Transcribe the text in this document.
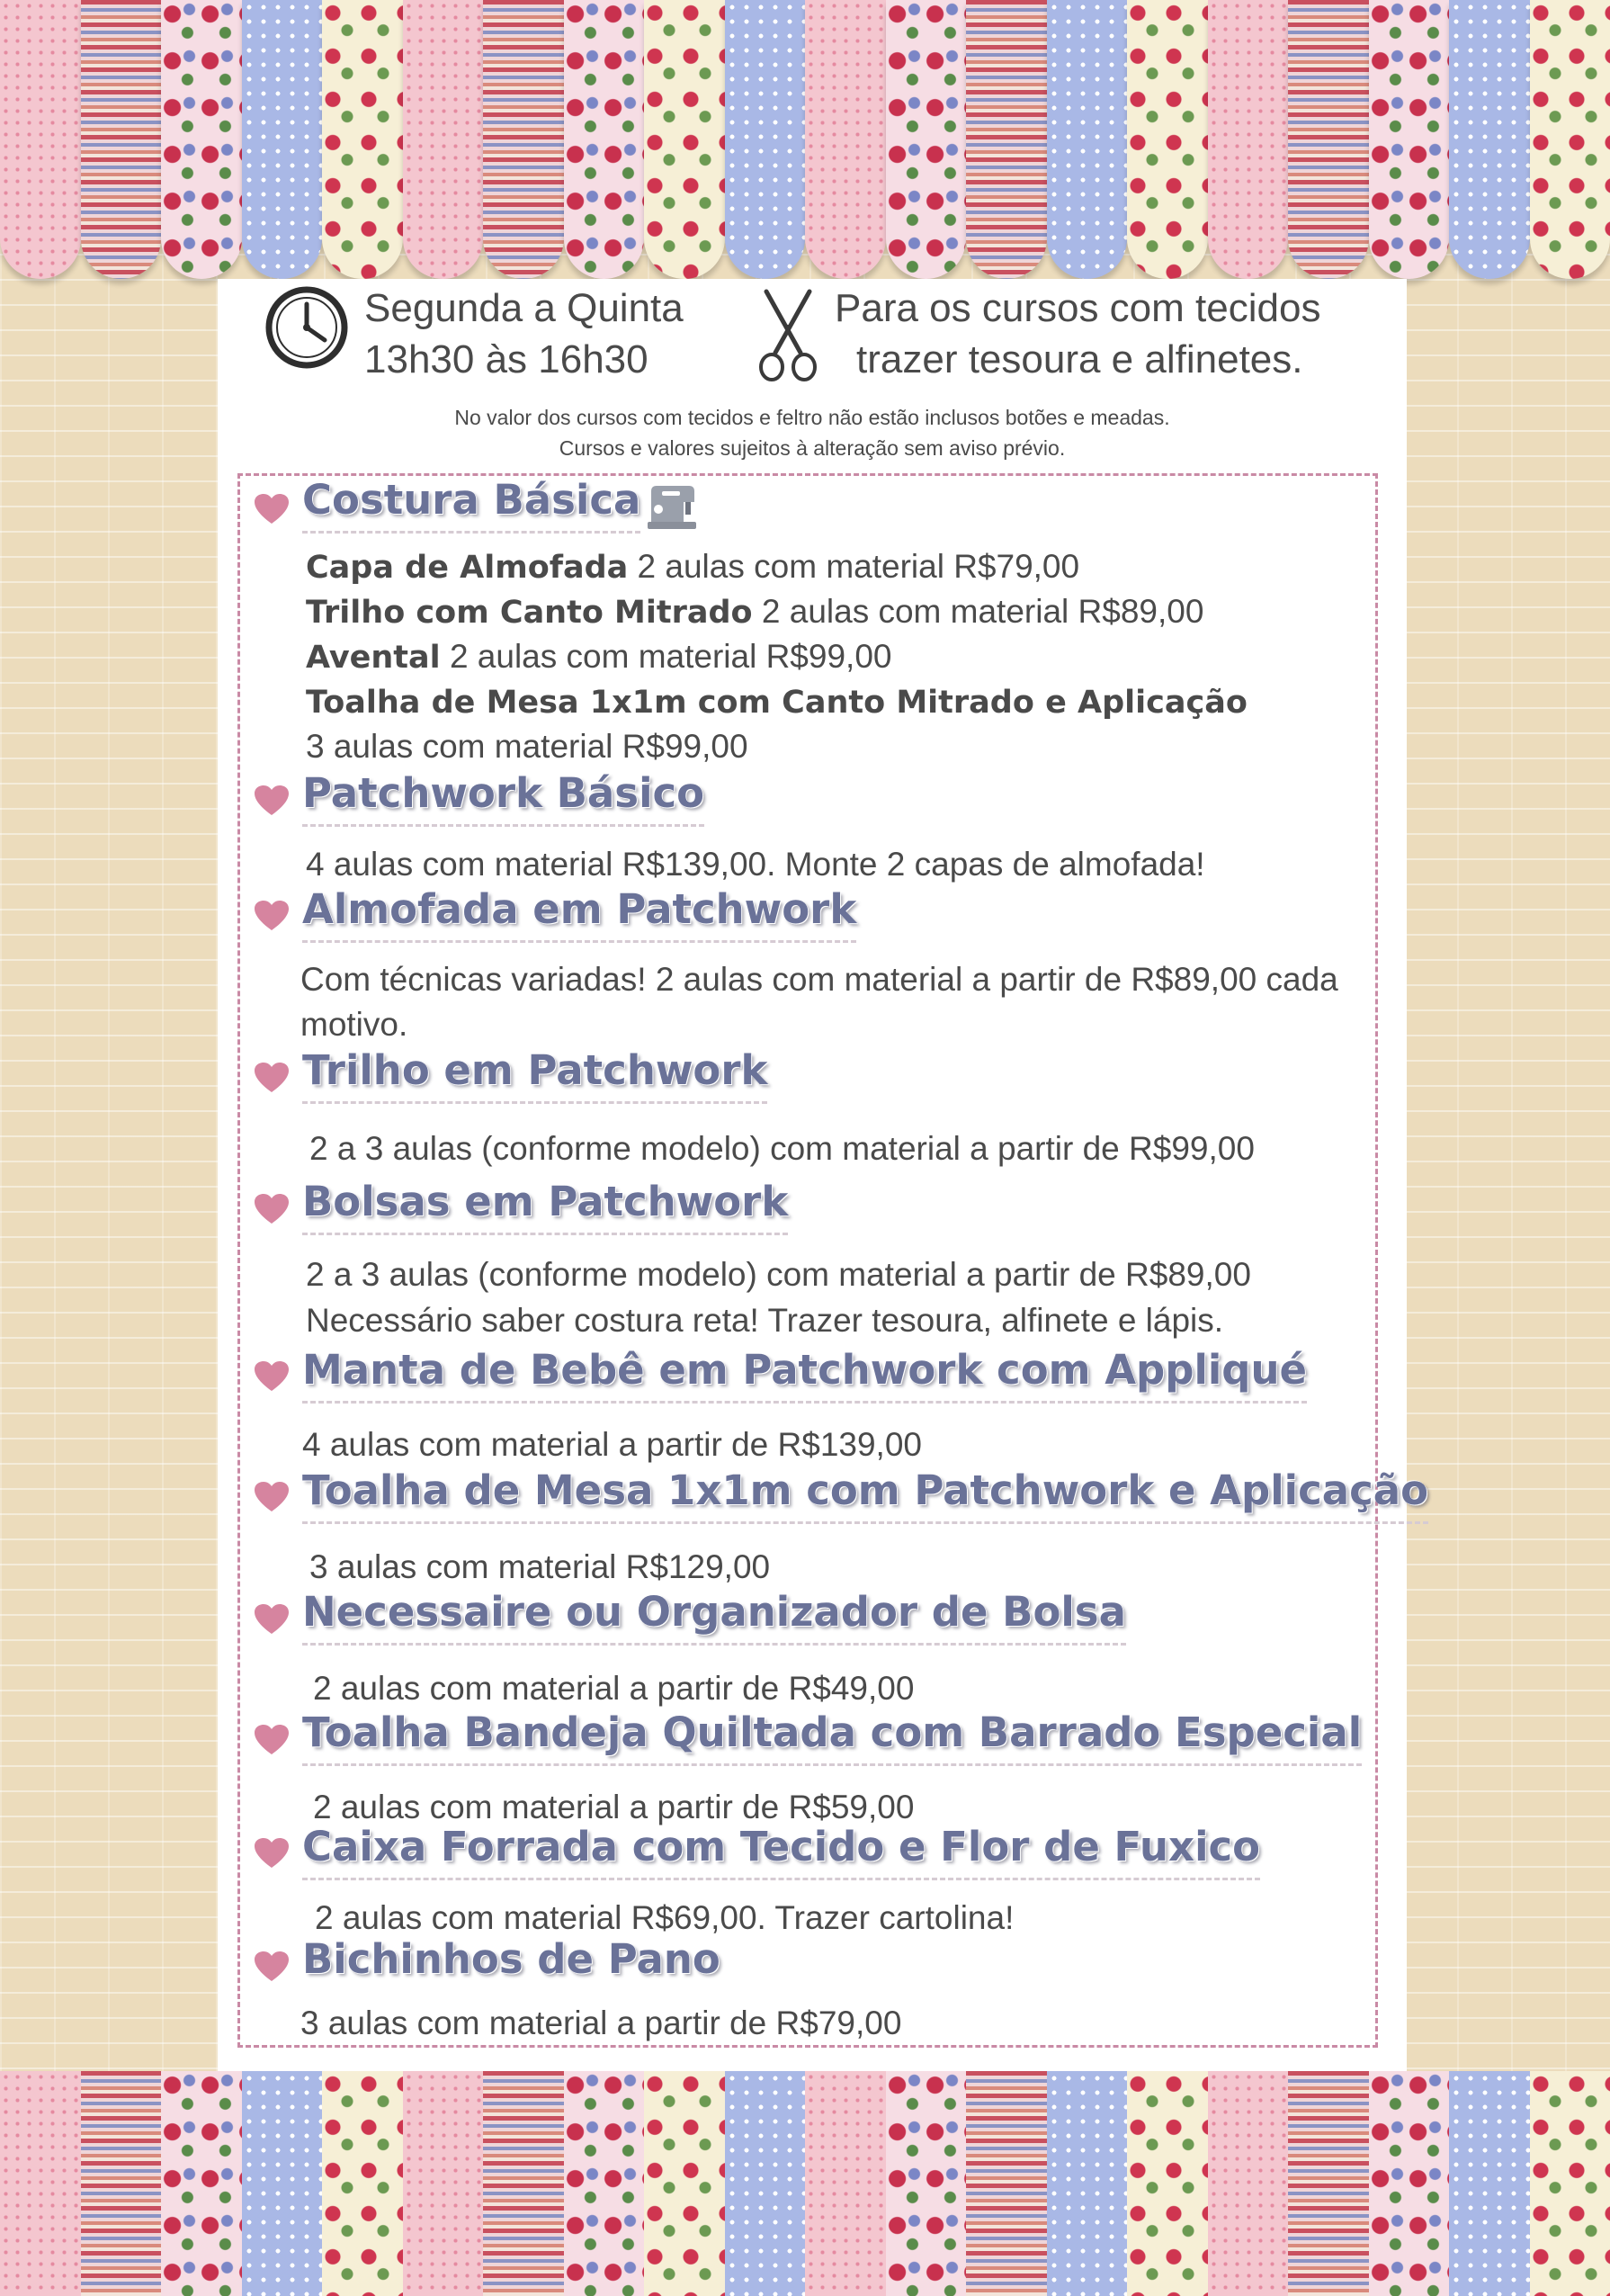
Segunda a Quinta
13h30 às 16h30
Para os cursos com tecidos
trazer tesoura e alfinetes.
No valor dos cursos com tecidos e feltro não estão inclusos botões e meadas.
Cursos e valores sujeitos à alteração sem aviso prévio.
Costura Básica
Capa de Almofada 2 aulas com material R$79,00
Trilho com Canto Mitrado 2 aulas com material R$89,00
Avental 2 aulas com material R$99,00
Toalha de Mesa 1x1m com Canto Mitrado e Aplicação
3 aulas com material R$99,00
Patchwork Básico
4 aulas com material R$139,00. Monte 2 capas de almofada!
Almofada em Patchwork
Com técnicas variadas! 2 aulas com material a partir de R$89,00 cada motivo.
Trilho em Patchwork
2 a 3 aulas (conforme modelo) com material a partir de R$99,00
Bolsas em Patchwork
2 a 3 aulas (conforme modelo) com material a partir de R$89,00
Necessário saber costura reta! Trazer tesoura, alfinete e lápis.
Manta de Bebê em Patchwork com Appliqué
4 aulas com material a partir de R$139,00
Toalha de Mesa 1x1m com Patchwork e Aplicação
3 aulas com material R$129,00
Necessaire ou Organizador de Bolsa
2 aulas com material a partir de R$49,00
Toalha Bandeja Quiltada com Barrado Especial
2 aulas com material a partir de R$59,00
Caixa Forrada com Tecido e Flor de Fuxico
2 aulas com material R$69,00. Trazer cartolina!
Bichinhos de Pano
3 aulas com material a partir de R$79,00
